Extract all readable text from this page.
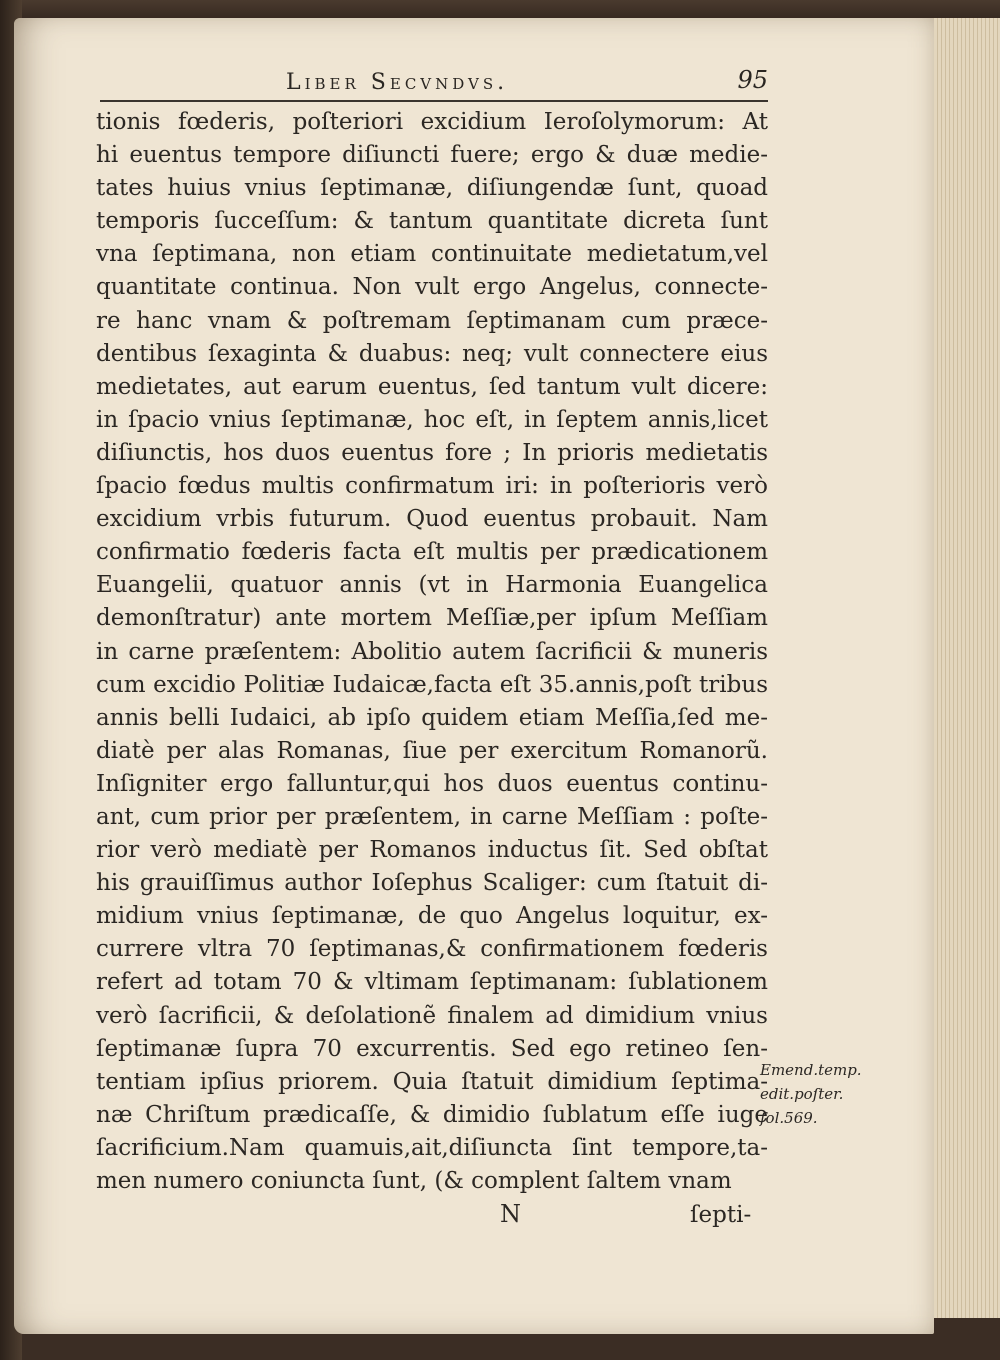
Liber Secvndvs.	95
tionis fœderis, poſteriori excidium Ieroſolymorum: At
hi euentus tempore diſiuncti fuere; ergo & duæ medie-
tates huius vnius ſeptimanæ, diſiungendæ ſunt, quoad
temporis ſucceſſum: & tantum quantitate dicreta ſunt
vna ſeptimana, non etiam continuitate medietatum,vel
quantitate continua. Non vult ergo Angelus, connecte-
re hanc vnam & poſtremam ſeptimanam cum præce-
dentibus ſexaginta & duabus: neq; vult connectere eius
medietates, aut earum euentus, ſed tantum vult dicere:
in ſpacio vnius ſeptimanæ, hoc eſt, in ſeptem annis,licet
diſiunctis, hos duos euentus fore ; In prioris medietatis
ſpacio fœdus multis confirmatum iri: in poſterioris verò
excidium vrbis futurum. Quod euentus probauit. Nam
confirmatio fœderis facta eſt multis per prædicationem
Euangelii, quatuor annis (vt in Harmonia Euangelica
demonſtratur) ante mortem Meſſiæ,per ipſum Meſſiam
in carne præſentem: Abolitio autem ſacrificii & muneris
cum excidio Politiæ Iudaicæ,facta eſt 35.annis,poſt tribus
annis belli Iudaici, ab ipſo quidem etiam Meſſia,ſed me-
diatè per alas Romanas, ſiue per exercitum Romanorũ.
Inſigniter ergo falluntur,qui hos duos euentus continu-
ant, cum prior per præſentem, in carne Meſſiam : poſte-
rior verò mediatè per Romanos inductus ſit. Sed obſtat
his grauiſſimus author Ioſephus Scaliger: cum ſtatuit di-
midium vnius ſeptimanæ, de quo Angelus loquitur, ex-
currere vltra 70 ſeptimanas,& confirmationem fœderis
refert ad totam 70 & vltimam ſeptimanam: ſublationem
verò ſacrificii, & deſolationẽ finalem ad dimidium vnius
ſeptimanæ ſupra 70 excurrentis. Sed ego retineo ſen-
tentiam ipſius priorem. Quia ſtatuit dimidium ſeptima-
næ Chriſtum prædicaſſe, & dimidio ſublatum eſſe iuge
ſacrificium.Nam quamuis,ait,diſiuncta ſint tempore,ta-
men numero coniuncta ſunt, (& complent ſaltem vnam
Emend.temp.
edit.poſter.
fol.569.
N	ſepti-
